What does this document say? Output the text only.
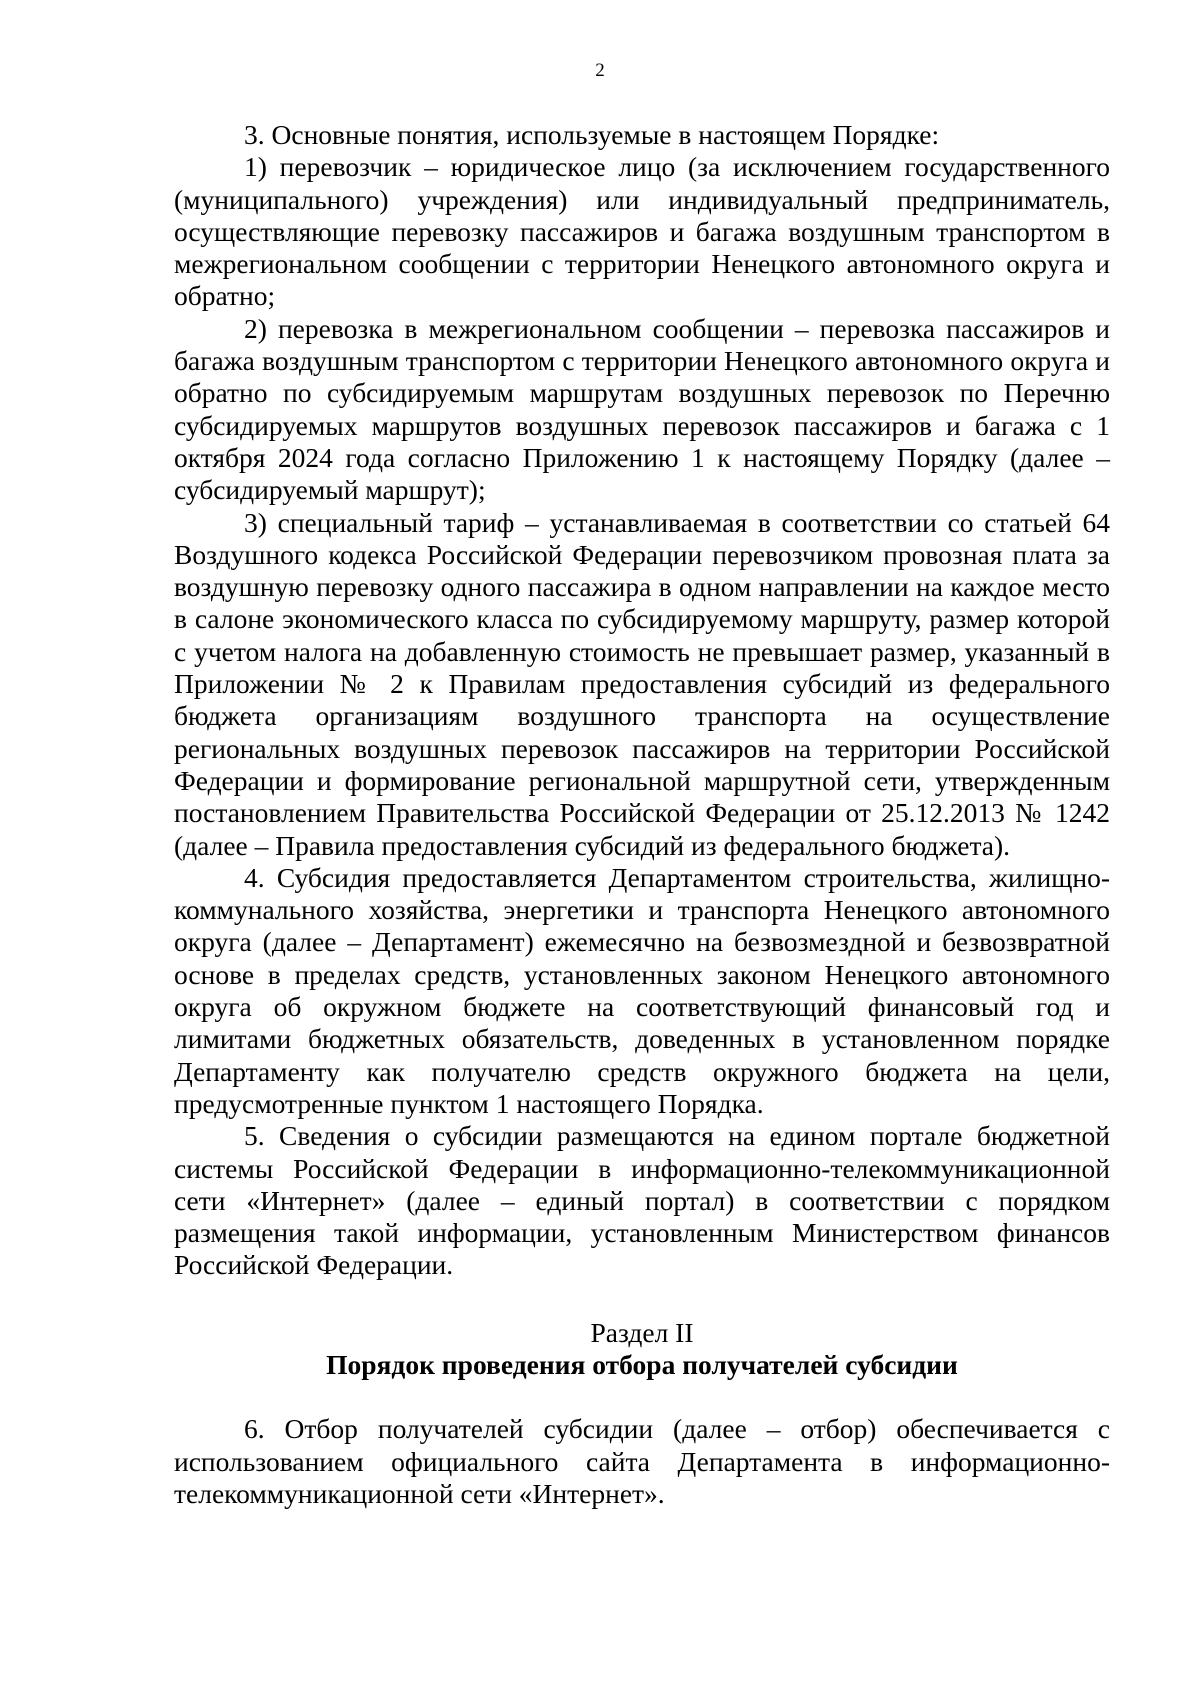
2

3. Основные понятия, используемые в настоящем Порядке:

1) перевозчик – юридическое лицо (за исключением государственного (муниципального) учреждения) или индивидуальный предприниматель, осуществляющие перевозку пассажиров и багажа воздушным транспортом в межрегиональном сообщении с территории Ненецкого автономного округа и обратно;

2) перевозка в межрегиональном сообщении – перевозка пассажиров и багажа воздушным транспортом с территории Ненецкого автономного округа и обратно по субсидируемым маршрутам воздушных перевозок по Перечню субсидируемых маршрутов воздушных перевозок пассажиров и багажа с 1 октября 2024 года согласно Приложению 1 к настоящему Порядку (далее – субсидируемый маршрут);

3) специальный тариф – устанавливаемая в соответствии со статьей 64 Воздушного кодекса Российской Федерации перевозчиком провозная плата за воздушную перевозку одного пассажира в одном направлении на каждое место в салоне экономического класса по субсидируемому маршруту, размер которой с учетом налога на добавленную стоимость не превышает размер, указанный в Приложении № 2 к Правилам предоставления субсидий из федерального бюджета организациям воздушного транспорта на осуществление региональных воздушных перевозок пассажиров на территории Российской Федерации и формирование региональной маршрутной сети, утвержденным постановлением Правительства Российской Федерации от 25.12.2013 № 1242 (далее – Правила предоставления субсидий из федерального бюджета).

4. Субсидия предоставляется Департаментом строительства, жилищно-коммунального хозяйства, энергетики и транспорта Ненецкого автономного округа (далее – Департамент) ежемесячно на безвозмездной и безвозвратной основе в пределах средств, установленных законом Ненецкого автономного округа об окружном бюджете на соответствующий финансовый год и лимитами бюджетных обязательств, доведенных в установленном порядке Департаменту как получателю средств окружного бюджета на цели, предусмотренные пунктом 1 настоящего Порядка.

5. Сведения о субсидии размещаются на едином портале бюджетной системы Российской Федерации в информационно-телекоммуникационной сети «Интернет» (далее – единый портал) в соответствии с порядком размещения такой информации, установленным Министерством финансов Российской Федерации.

Раздел II

Порядок проведения отбора получателей субсидии

6. Отбор получателей субсидии (далее – отбор) обеспечивается с использованием официального сайта Департамента в информационно-телекоммуникационной сети «Интернет».
